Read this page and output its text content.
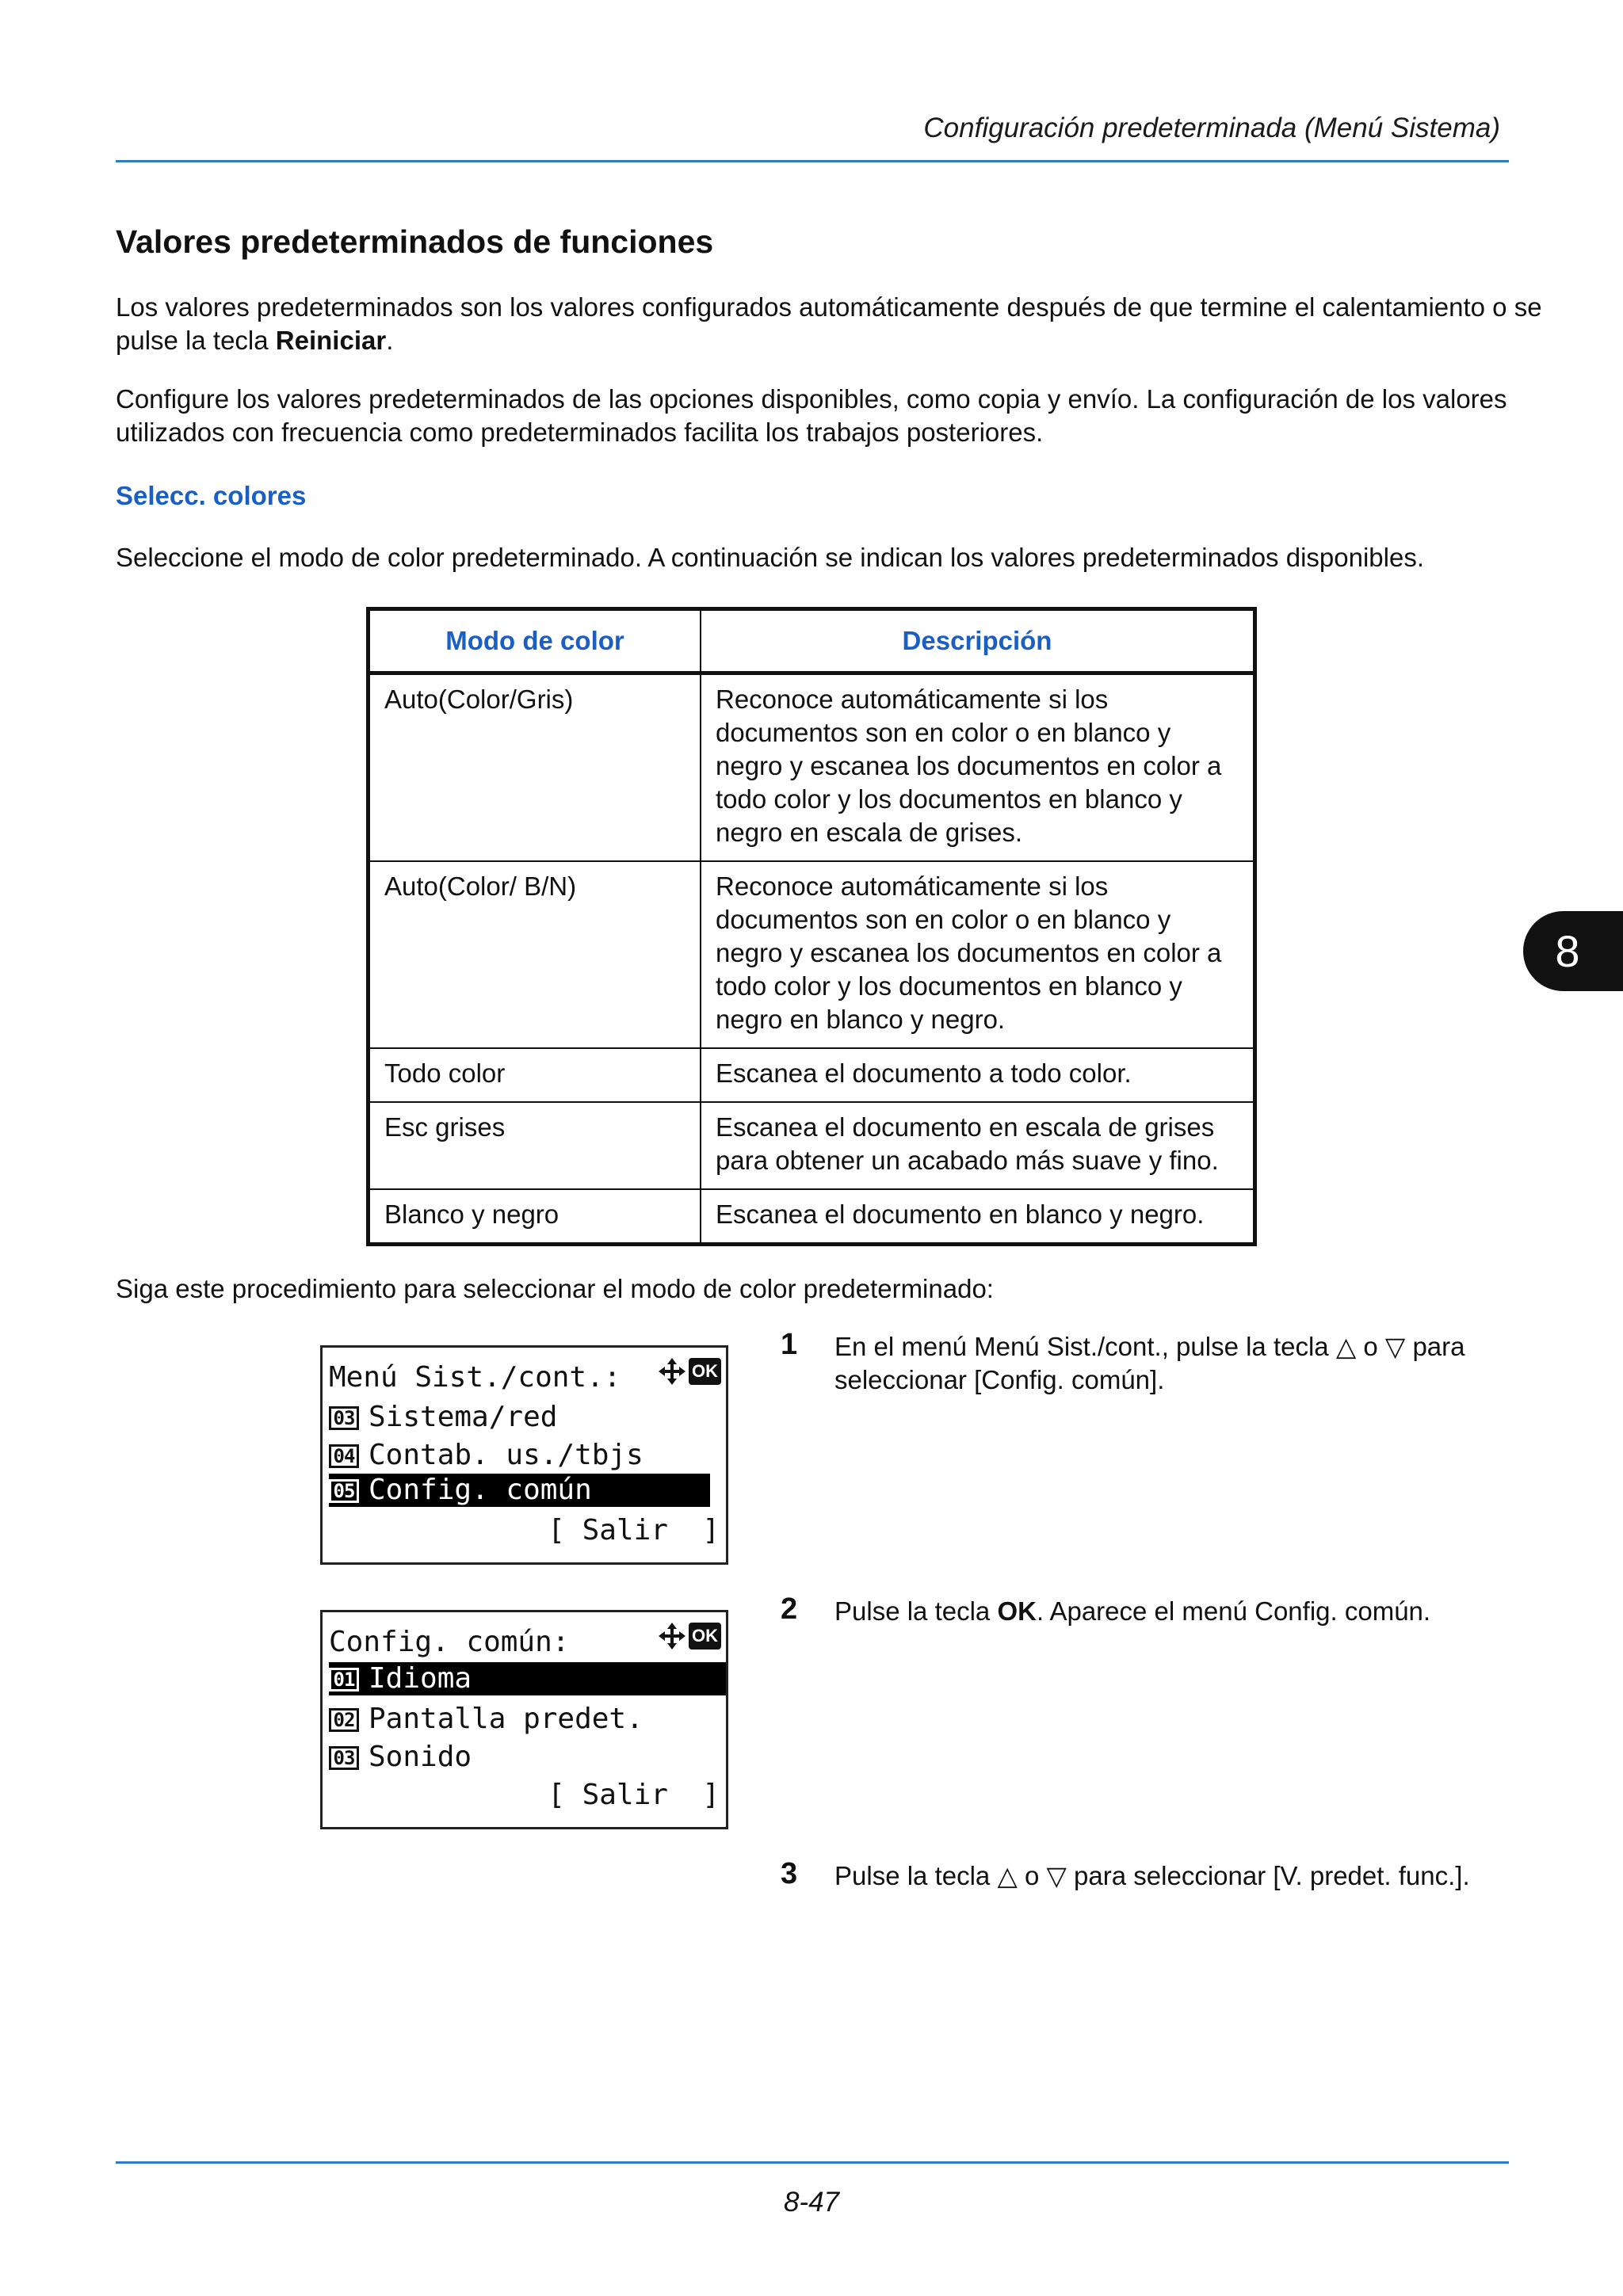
Configuración predeterminada (Menú Sistema)
Valores predeterminados de funciones
Los valores predeterminados son los valores configurados automáticamente después de que termine el calentamiento o se pulse la tecla Reiniciar.
Configure los valores predeterminados de las opciones disponibles, como copia y envío. La configuración de los valores utilizados con frecuencia como predeterminados facilita los trabajos posteriores.
Selecc. colores
Seleccione el modo de color predeterminado. A continuación se indican los valores predeterminados disponibles.
Modo de color	Descripción
Auto(Color/Gris)	Reconoce automáticamente si los documentos son en color o en blanco y negro y escanea los documentos en color a todo color y los documentos en blanco y negro en escala de grises.
Auto(Color/ B/N)	Reconoce automáticamente si los documentos son en color o en blanco y negro y escanea los documentos en color a todo color y los documentos en blanco y negro en blanco y negro.
Todo color	Escanea el documento a todo color.
Esc grises	Escanea el documento en escala de grises para obtener un acabado más suave y fino.
Blanco y negro	Escanea el documento en blanco y negro.
8
Siga este procedimiento para seleccionar el modo de color predeterminado:
Menú Sist./cont.:	OK
03 Sistema/red
04 Contab. us./tbjs
05 Config. común
[ Salir  ]
1 En el menú Menú Sist./cont., pulse la tecla △ o ▽ para
seleccionar [Config. común].
Config. común:	OK
01 Idioma
02 Pantalla predet.
03 Sonido
[ Salir  ]
2 Pulse la tecla OK. Aparece el menú Config. común.
3 Pulse la tecla △ o ▽ para seleccionar [V. predet. func.].
8-47
